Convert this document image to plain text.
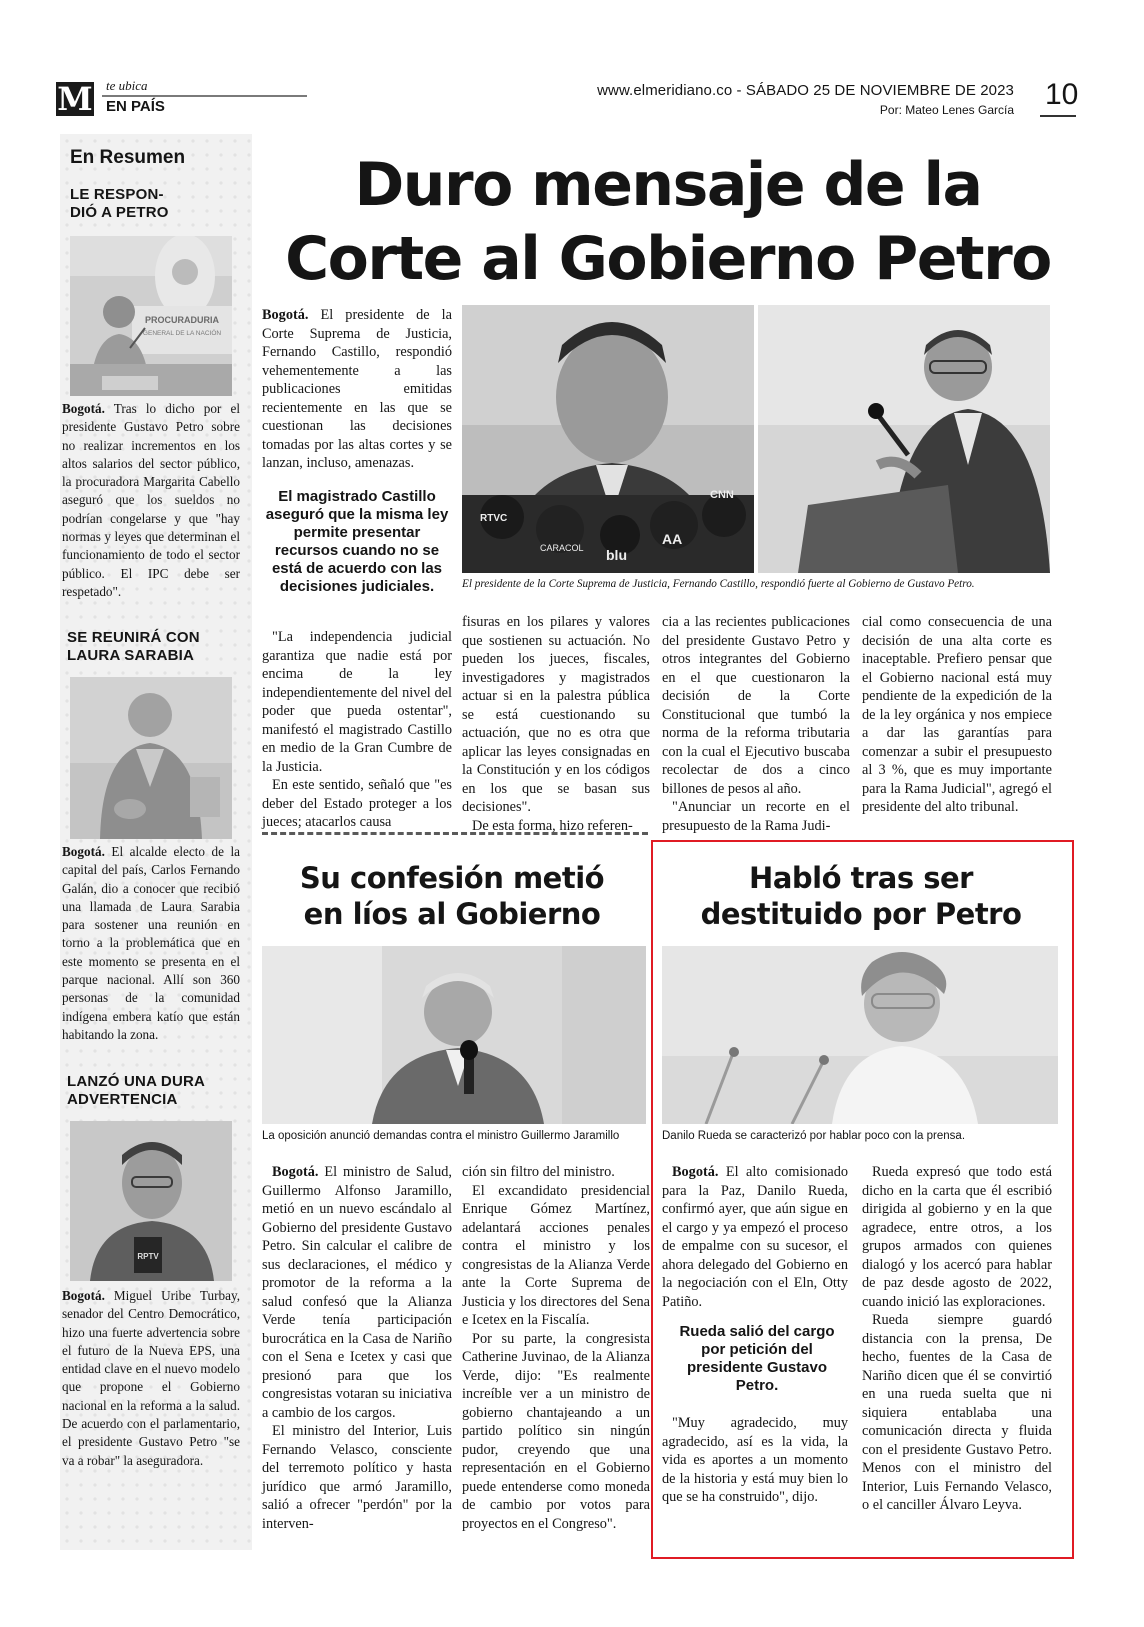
M te ubica
EN PAÍS
www.elmeridiano.co - SÁBADO 25 DE NOVIEMBRE DE 2023
Por: Mateo Lenes García 10
En Resumen
LE RESPON-
DIÓ A PETRO
PROCURADURIA
GENERAL DE LA NACIÓN
Bogotá. Tras lo dicho por el presidente Gustavo Petro sobre no realizar incrementos en los altos salarios del sector público, la procuradora Margarita Cabello aseguró que los sueldos no podrían congelarse y que "hay normas y leyes que determinan el funcionamiento de todo el sector público. El IPC debe ser respetado".
SE REUNIRÁ CON
LAURA SARABIA
Bogotá. El alcalde electo de la capital del país, Carlos Fernando Galán, dio a conocer que recibió una llamada de Laura Sarabia para sostener una reunión en torno a la problemática que en este momento se presenta en el parque nacional. Allí son 360 personas de la comunidad indígena embera katío que están habitando la zona.
LANZÓ UNA DURA
ADVERTENCIA
RPTV
Bogotá. Miguel Uribe Turbay, senador del Centro Democrático, hizo una fuerte advertencia sobre el futuro de la Nueva EPS, una entidad clave en el nuevo modelo que propone el Gobierno nacional en la reforma a la salud. De acuerdo con el parlamentario, el presidente Gustavo Petro "se va a robar" la aseguradora.
Duro mensaje de la
Corte al Gobierno Petro
Bogotá. El presidente de la Corte Suprema de Justicia, Fernando Castillo, respondió vehementemente a las publicaciones emitidas recientemente en las que se cuestionan las decisiones tomadas por las altas cortes y se lanzan, incluso, amenazas.
El magistrado Castillo aseguró que la misma ley permite presentar recursos cuando no se está de acuerdo con las decisiones judiciales.
RTVC
CARACOL blu
AA
CNN
El presidente de la Corte Suprema de Justicia, Fernando Castillo, respondió fuerte al Gobierno de Gustavo Petro.

"La independencia judicial garantiza que nadie está por encima de la ley independientemente del nivel del poder que pueda ostentar", manifestó el magistrado Castillo en medio de la Gran Cumbre de la Justicia.

En este sentido, señaló que "es deber del Estado proteger a los jueces; atacarlos causa

fisuras en los pilares y valores que sostienen su actuación. No pueden los jueces, fiscales, investigadores y magistrados actuar si en la palestra pública se está cuestionando su actuación, que no es otra que aplicar las leyes consignadas en la Constitución y en los códigos en los que se basan sus decisiones".

De esta forma, hizo referen-

cia a las recientes publicaciones del presidente Gustavo Petro y otros integrantes del Gobierno en el que cuestionaron la decisión de la Corte Constitucional que tumbó la norma de la reforma tributaria con la cual el Ejecutivo buscaba recolectar de dos a cinco billones de pesos al año.

"Anunciar un recorte en el presupuesto de la Rama Judi-

cial como consecuencia de una decisión de una alta corte es inaceptable. Prefiero pensar que el Gobierno nacional está muy pendiente de la expedición de la de la ley orgánica y nos empiece a dar las garantías para comenzar a subir el presupuesto al 3 %, que es muy importante para la Rama Judicial", agregó el presidente del alto tribunal.

Su confesión metió
en líos al Gobierno
La oposición anunció demandas contra el ministro Guillermo Jaramillo

Bogotá. El ministro de Salud, Guillermo Alfonso Jaramillo, metió en un nuevo escándalo al Gobierno del presidente Gustavo Petro. Sin calcular el calibre de sus declaraciones, el médico y promotor de la reforma a la salud confesó que la Alianza Verde tenía participación burocrática en la Casa de Nariño con el Sena e Icetex y casi que presionó para que los congresistas votaran su iniciativa a cambio de los cargos.

El ministro del Interior, Luis Fernando Velasco, consciente del terremoto político y hasta jurídico que armó Jaramillo, salió a ofrecer "perdón" por la interven-

ción sin filtro del ministro.

El excandidato presidencial Enrique Gómez Martínez, adelantará acciones penales contra el ministro y los congresistas de la Alianza Verde ante la Corte Suprema de Justicia y los directores del Sena e Icetex en la Fiscalía.

Por su parte, la congresista Catherine Juvinao, de la Alianza Verde, dijo: "Es realmente increíble ver a un ministro de gobierno chantajeando a un partido político sin ningún pudor, creyendo que una representación en el Gobierno puede entenderse como moneda de cambio por votos para proyectos en el Congreso".

Habló tras ser
destituido por Petro
Danilo Rueda se caracterizó por hablar poco con la prensa.

Bogotá. El alto comisionado para la Paz, Danilo Rueda, confirmó ayer, que aún sigue en el cargo y ya empezó el proceso de empalme con su sucesor, el ahora delegado del Gobierno en la negociación con el Eln, Otty Patiño.

Rueda salió del cargo por petición del presidente Gustavo Petro.

"Muy agradecido, muy agradecido, así es la vida, la vida es aportes a un momento de la historia y está muy bien lo que se ha construido", dijo.

Rueda expresó que todo está dicho en la carta que él escribió dirigida al gobierno y en la que agradece, entre otros, a los grupos armados con quienes dialogó y los acercó para hablar de paz desde agosto de 2022, cuando inició las exploraciones.

Rueda siempre guardó distancia con la prensa, De hecho, fuentes de la Casa de Nariño dicen que él se convirtió en una rueda suelta que ni siquiera entablaba una comunicación directa y fluida con el presidente Gustavo Petro. Menos con el ministro del Interior, Luis Fernando Velasco, o el canciller Álvaro Leyva.
